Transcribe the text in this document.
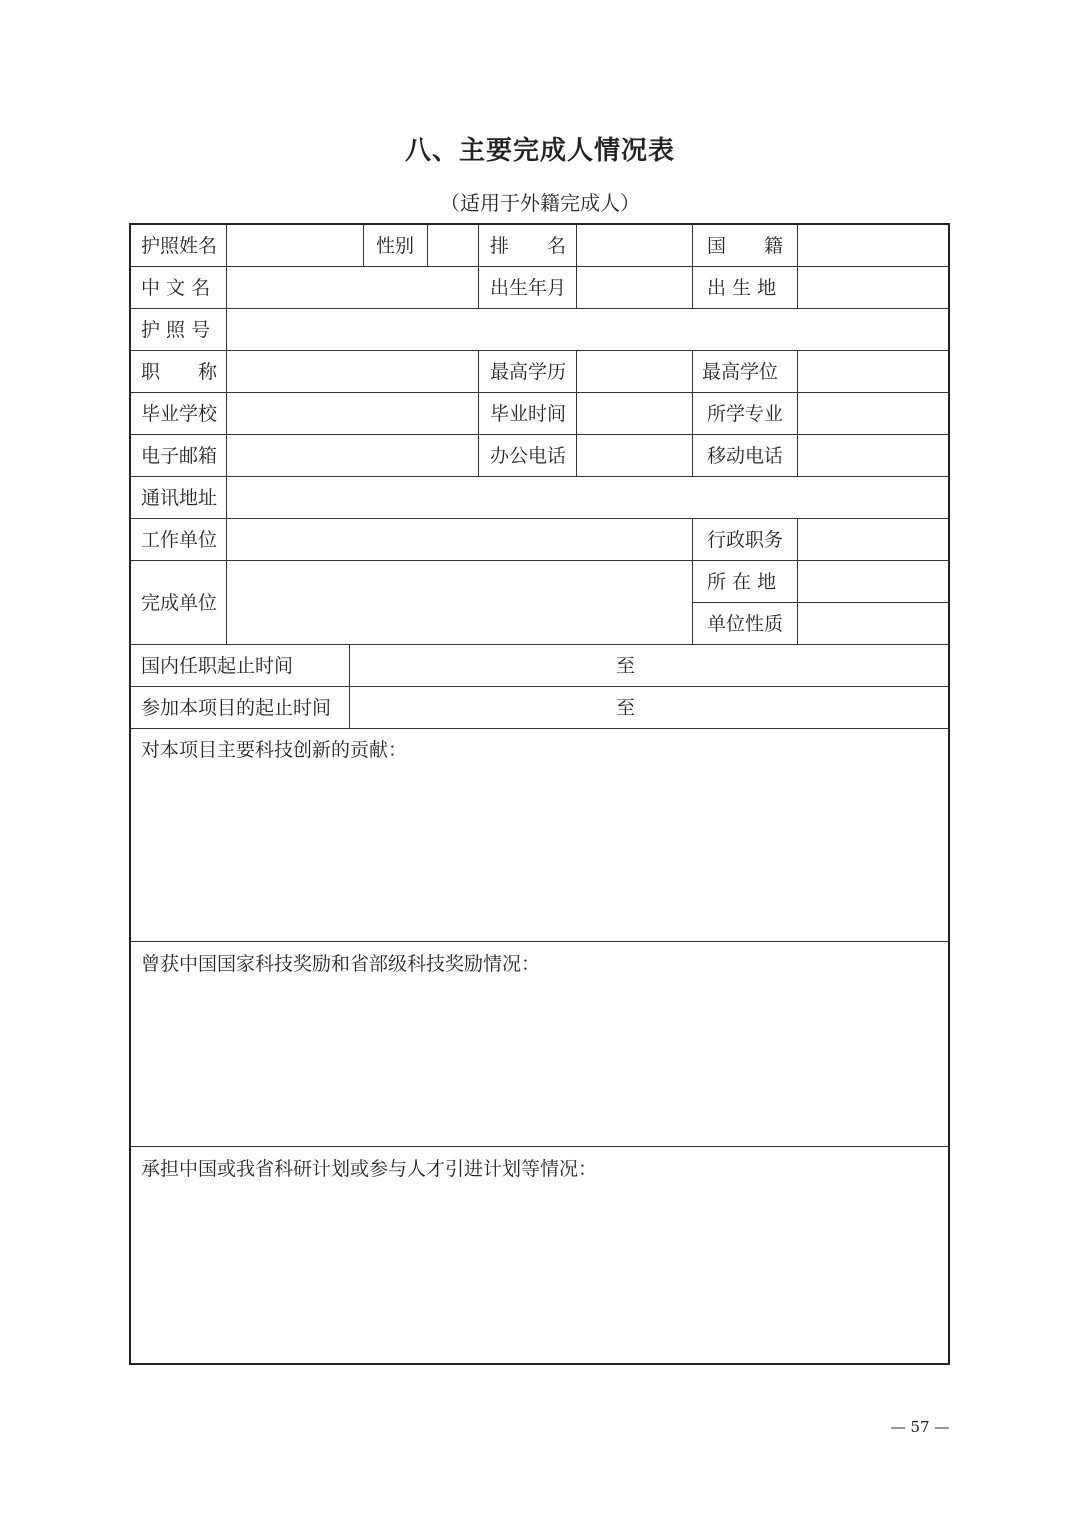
八、主要完成人情况表
（适用于外籍完成人）
护照姓名	性别	排　　名	国　　籍
中 文 名	出生年月	出 生 地
护 照 号
职　　称	最高学历	最高学位
毕业学校	毕业时间	所学专业
电子邮箱	办公电话	移动电话
通讯地址
工作单位	行政职务
完成单位
所 在 地
单位性质
国内任职起止时间	至
参加本项目的起止时间	至
对本项目主要科技创新的贡献：
曾获中国国家科技奖励和省部级科技奖励情况：
承担中国或我省科研计划或参与人才引进计划等情况：
— 57 —
